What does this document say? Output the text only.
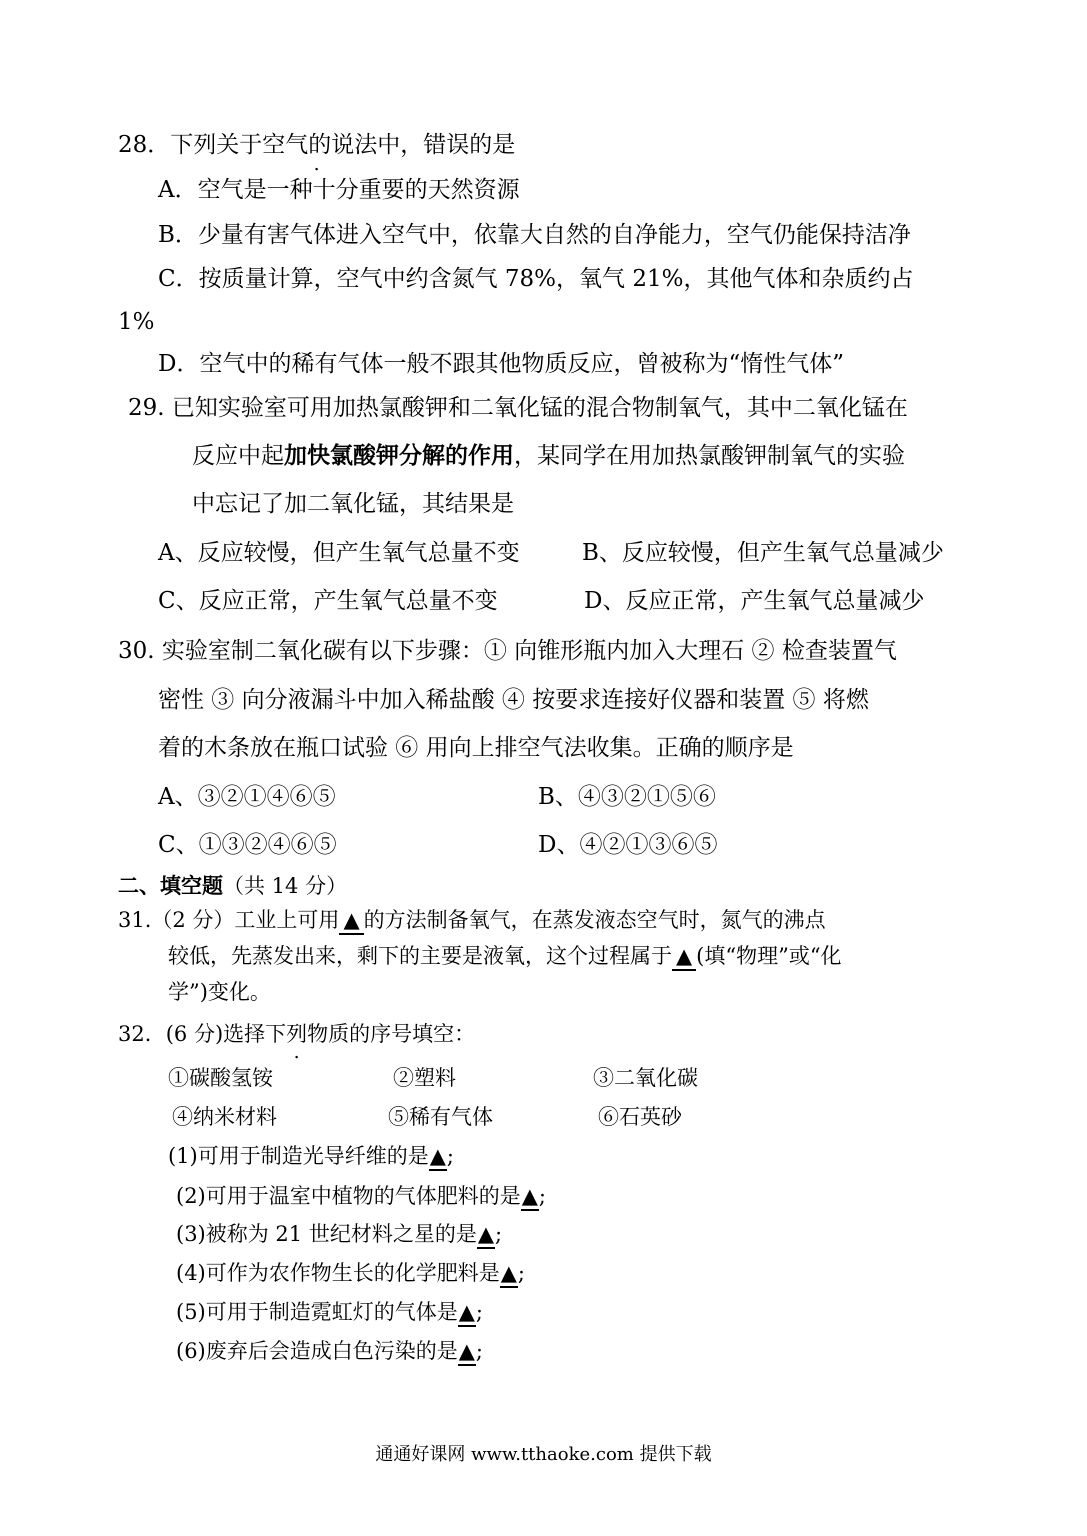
28．下列关于空气的说法中，错 .误 .的是
A．空气是一种十分重要的天然资源
B．少量有害气体进入空气中，依靠大自然的自净能力，空气仍能保持洁净
C．按质量计算，空气中约含氮气 78%，氧气 21%，其他气体和杂质约占
1%
D．空气中的稀有气体一般不跟其他物质反应，曾被称为“惰性气体”
29. 已知实验室可用加热氯酸钾和二氧化锰的混合物制氧气，其中二氧化锰在
反应中起加快氯酸钾分解的作用，某同学在用加热氯酸钾制氧气的实验
中忘记了加二氧化锰，其结果是
A、反应较慢，但产生氧气总量不变	B、反应较慢，但产生氧气总量减少
C、反应正常，产生氧气总量不变	D、反应正常，产生氧气总量减少
30. 实验室制二氧化碳有以下步骤：① 向锥形瓶内加入大理石 ② 检查装置气
密性 ③ 向分液漏斗中加入稀盐酸 ④ 按要求连接好仪器和装置 ⑤ 将燃
着的木条放在瓶口试验 ⑥ 用向上排空气法收集。正确的顺序是
A、③②①④⑥⑤	B、④③②①⑤⑥
C、①③②④⑥⑤	D、④②①③⑥⑤
二、填空题（共 14 分）
31.（2 分）工业上可用 ▲ 的方法制备氧气，在蒸发液态空气时，氮气的沸点
较低，先蒸发出来，剩下的主要是液氧，这个过程属于 ▲ (填“物理”或“化
学”)变化。
32．(6 分)选择下列物质的序 .号 .填空：
①碳酸氢铵	②塑料	③二氧化碳
④纳米材料	⑤稀有气体	⑥石英砂
(1)可用于制造光导纤维的是▲;
(2)可用于温室中植物的气体肥料的是▲;
(3)被称为 21 世纪材料之星的是▲;
(4)可作为农作物生长的化学肥料是▲;
(5)可用于制造霓虹灯的气体是▲;
(6)废弃后会造成白色污染的是▲;
通通好课网 www.tthaoke.com 提供下载
